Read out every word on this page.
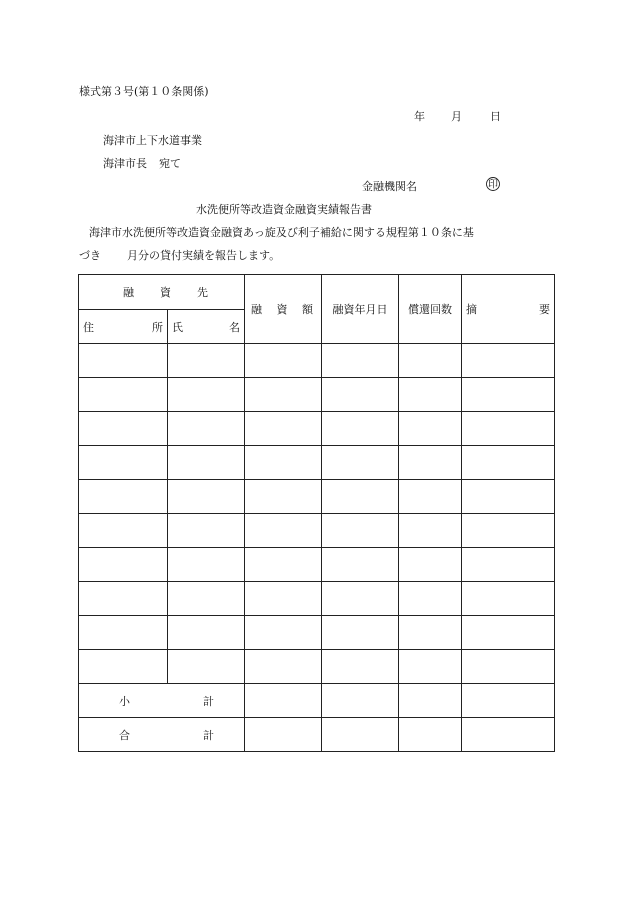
様式第３号(第１０条関係)
年 月	日
海津市上下水道事業
海津市長 宛て
金融機関名	印
水洗便所等改造資金融資実績報告書
海津市水洗便所等改造資金融資あっ旋及び利子補給に関する規程第１０条に基
づき 月分の貸付実績を報告します。
融 資 先		融 資 額	融資年月日	償還回数	摘 要

住 所	氏 名				

小 計					

合 計					
